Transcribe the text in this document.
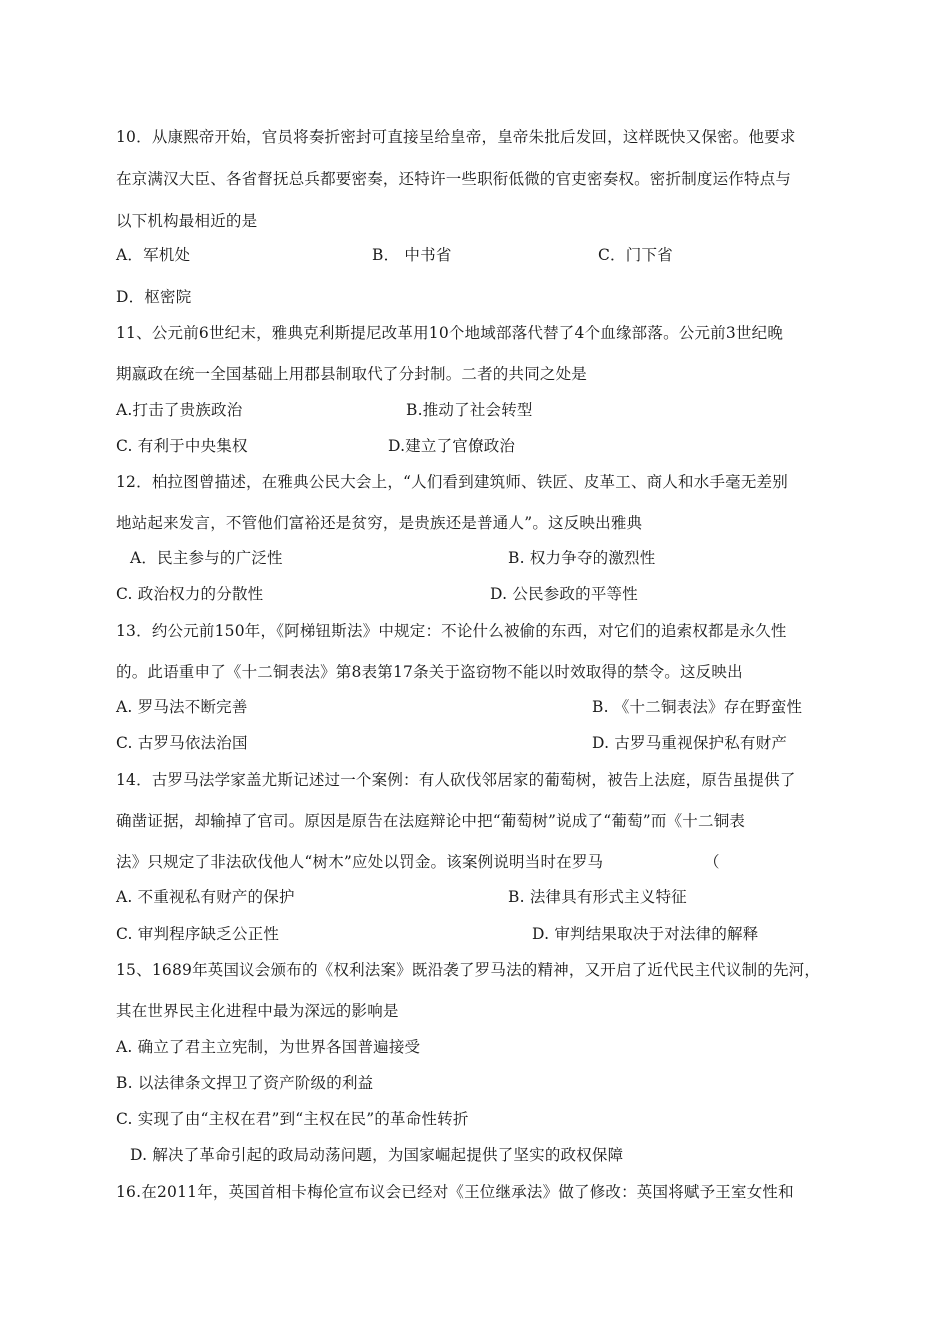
10．从康熙帝开始，官员将奏折密封可直接呈给皇帝，皇帝朱批后发回，这样既快又保密。他要求
在京满汉大臣、各省督抚总兵都要密奏，还特许一些职衔低微的官吏密奏权。密折制度运作特点与
以下机构最相近的是
A．军机处	B． 中书省	C．门下省
D．枢密院
11、公元前6世纪末，雅典克利斯提尼改革用10个地域部落代替了4个血缘部落。公元前3世纪晚
期嬴政在统一全国基础上用郡县制取代了分封制。二者的共同之处是
A.打击了贵族政治	B.推动了社会转型
C. 有利于中央集权	D.建立了官僚政治
12．柏拉图曾描述，在雅典公民大会上，“人们看到建筑师、铁匠、皮革工、商人和水手毫无差别
地站起来发言，不管他们富裕还是贫穷，是贵族还是普通人”。这反映出雅典
A．民主参与的广泛性	B. 权力争夺的激烈性
C. 政治权力的分散性	D. 公民参政的平等性
13．约公元前150年，《阿梯钮斯法》中规定：不论什么被偷的东西，对它们的追索权都是永久性
的。此语重申了《十二铜表法》第8表第17条关于盗窃物不能以时效取得的禁令。这反映出
A. 罗马法不断完善	B. 《十二铜表法》存在野蛮性
C. 古罗马依法治国	D. 古罗马重视保护私有财产
14．古罗马法学家盖尤斯记述过一个案例：有人砍伐邻居家的葡萄树，被告上法庭，原告虽提供了
确凿证据，却输掉了官司。原因是原告在法庭辩论中把“葡萄树”说成了“葡萄”而《十二铜表
法》只规定了非法砍伐他人“树木”应处以罚金。该案例说明当时在罗马	（
A. 不重视私有财产的保护	B. 法律具有形式主义特征
C. 审判程序缺乏公正性	D. 审判结果取决于对法律的解释
15、1689年英国议会颁布的《权利法案》既沿袭了罗马法的精神，又开启了近代民主代议制的先河，
其在世界民主化进程中最为深远的影响是
A. 确立了君主立宪制，为世界各国普遍接受
B. 以法律条文捍卫了资产阶级的利益
C. 实现了由“主权在君”到“主权在民”的革命性转折
D. 解决了革命引起的政局动荡问题，为国家崛起提供了坚实的政权保障
16.在2011年，英国首相卡梅伦宣布议会已经对《王位继承法》做了修改：英国将赋予王室女性和
